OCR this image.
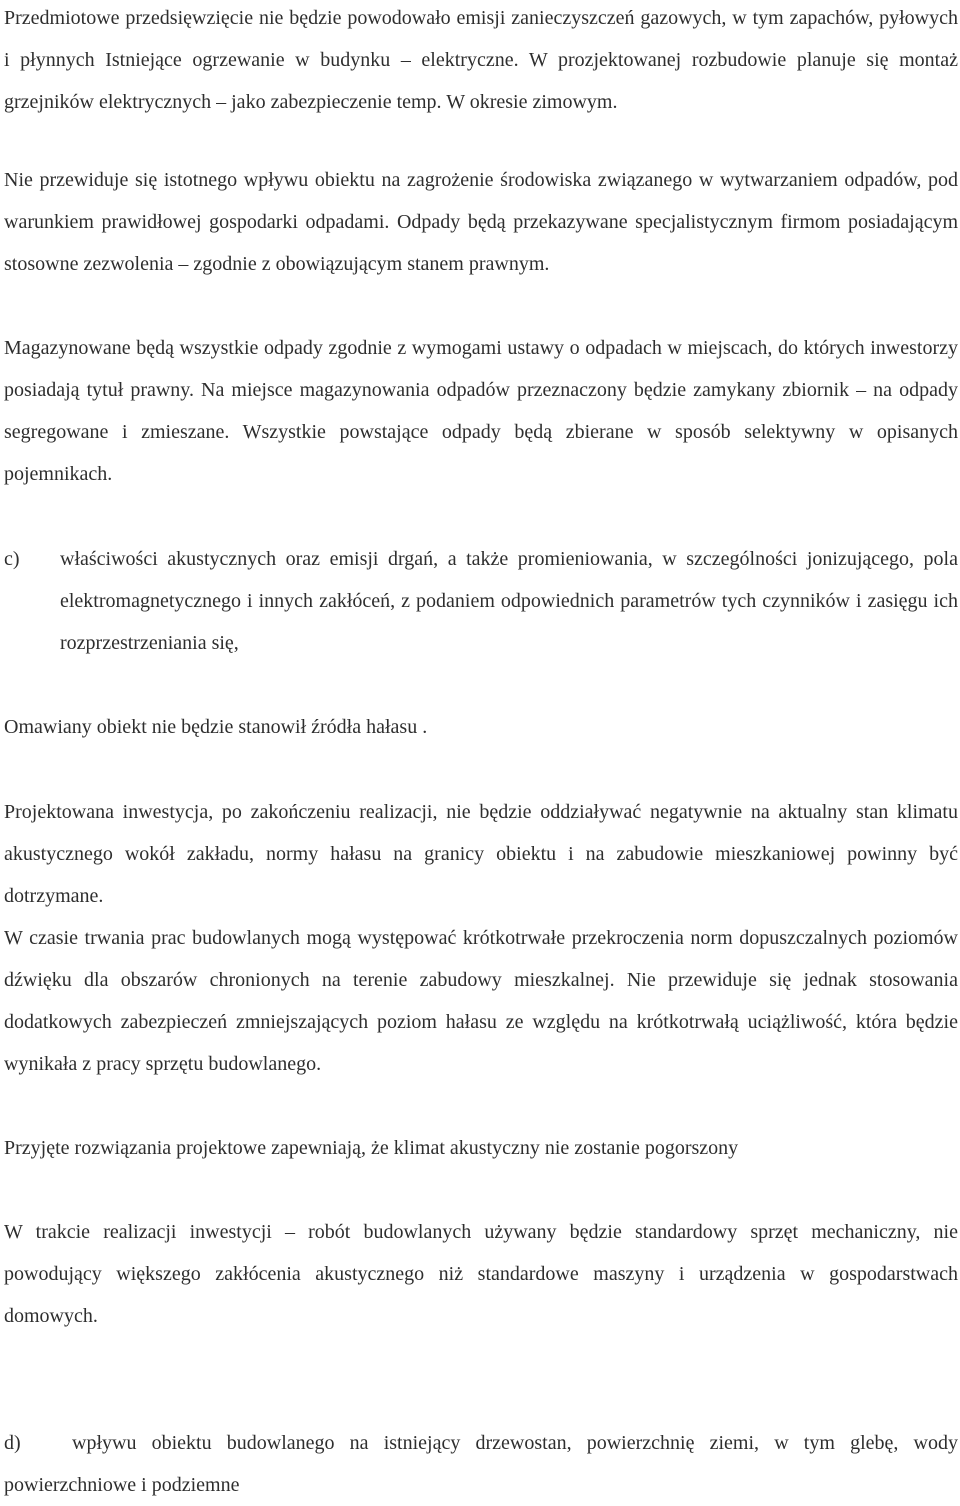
Przedmiotowe przedsięwzięcie nie będzie powodowało emisji zanieczyszczeń gazowych, w tym zapachów, pyłowych i płynnych Istniejące ogrzewanie w budynku – elektryczne. W prozjektowanej rozbudowie planuje się montaż grzejników elektrycznych – jako zabezpieczenie temp. W okresie zimowym.

Nie przewiduje się istotnego wpływu obiektu na zagrożenie środowiska związanego w wytwarzaniem odpadów, pod warunkiem prawidłowej gospodarki odpadami. Odpady będą przekazywane specjalistycznym firmom posiadającym stosowne zezwolenia – zgodnie z obowiązującym stanem prawnym.

Magazynowane będą wszystkie odpady zgodnie z wymogami ustawy o odpadach w miejscach, do których inwestorzy posiadają tytuł prawny. Na miejsce magazynowania odpadów przeznaczony będzie zamykany zbiornik – na odpady segregowane i zmieszane. Wszystkie powstające odpady będą zbierane w sposób selektywny w opisanych pojemnikach.

c) właściwości akustycznych oraz emisji drgań, a także promieniowania, w szczególności jonizującego, pola elektromagnetycznego i innych zakłóceń, z podaniem odpowiednich parametrów tych czynników i zasięgu ich rozprzestrzeniania się,

Omawiany obiekt nie będzie stanowił źródła hałasu .

Projektowana inwestycja, po zakończeniu realizacji, nie będzie oddziaływać negatywnie na aktualny stan klimatu akustycznego wokół zakładu, normy hałasu na granicy obiektu i na zabudowie mieszkaniowej powinny być dotrzymane.

W czasie trwania prac budowlanych mogą występować krótkotrwałe przekroczenia norm dopuszczalnych poziomów dźwięku dla obszarów chronionych na terenie zabudowy mieszkalnej. Nie przewiduje się jednak stosowania dodatkowych zabezpieczeń zmniejszających poziom hałasu ze względu na krótkotrwałą uciążliwość, która będzie wynikała z pracy sprzętu budowlanego.

Przyjęte rozwiązania projektowe zapewniają, że klimat akustyczny nie zostanie pogorszony

W trakcie realizacji inwestycji – robót budowlanych używany będzie standardowy sprzęt mechaniczny, nie powodujący większego zakłócenia akustycznego niż standardowe maszyny i urządzenia w gospodarstwach domowych.

d)	wpływu obiektu budowlanego na istniejący drzewostan, powierzchnię ziemi, w tym glebę, wody powierzchniowe i podziemne
